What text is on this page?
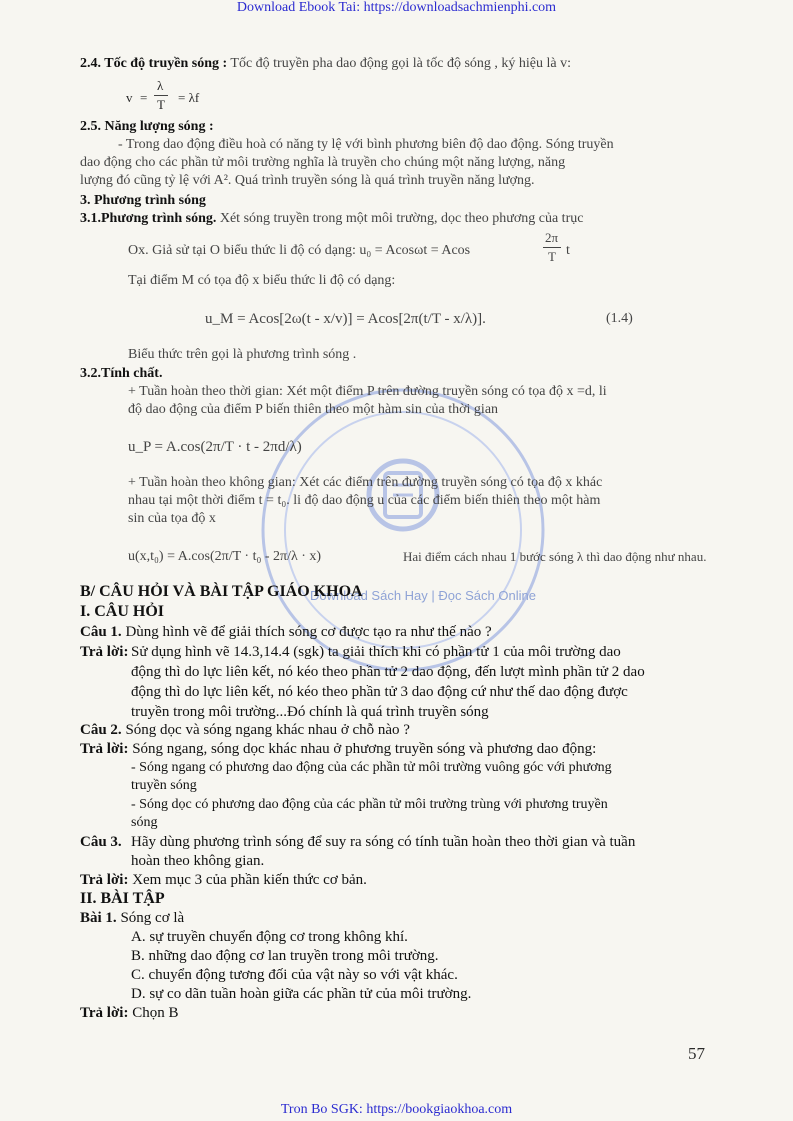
Download Ebook Tai: https://downloadsachmienphi.com
Tron Bo SGK: https://bookgiaokhoa.com
Download Sách Hay | Đọc Sách Online
2.4. Tốc độ truyền sóng : Tốc độ truyền pha dao động gọi là tốc độ sóng , ký hiệu là v:
v =
λ
T = λf
2.5. Năng lượng sóng :
- Trong dao động điều hoà có năng ty lệ với bình phương biên độ dao động. Sóng truyền
dao động cho các phần tử môi trường nghĩa là truyền cho chúng một năng lượng, năng
lượng đó cũng tỷ lệ với A². Quá trình truyền sóng là quá trình truyền năng lượng.
3. Phương trình sóng
3.1.Phương trình sóng. Xét sóng truyền trong một môi trường, dọc theo phương của trục
Ox. Giả sử tại O biểu thức li độ có dạng: u₀ = Acosωt = Acos
2π
T t
Tại điểm M có tọa độ x biểu thức li độ có dạng:
u_M = Acos[2ω(t - x/v)] = Acos[2π(t/T - x/λ)].	(1.4)
Biểu thức trên gọi là phương trình sóng .
3.2.Tính chất.
+ Tuần hoàn theo thời gian: Xét một điểm P trên đường truyền sóng có tọa độ x =d, li
độ dao động của điểm P biến thiên theo một hàm sin của thời gian
u_P = A.cos(2π/T · t - 2πd/λ)
+ Tuần hoàn theo không gian: Xét các điểm trên đường truyền sóng có tọa độ x khác
nhau tại một thời điểm t = t₀. li độ dao động u của các điểm biến thiên theo một hàm
sin của tọa độ x
u(x,t₀) = A.cos(2π/T · t₀ - 2π/λ · x)	Hai điểm cách nhau 1 bước sóng λ thì dao động như nhau.
B/ CÂU HỎI VÀ BÀI TẬP GIÁO KHOA
I. CÂU HỎI
Câu 1. Dùng hình vẽ để giải thích sóng cơ được tạo ra như thế nào ?
Trả lời: Sử dụng hình vẽ 14.3,14.4 (sgk) ta giải thích khi có phần tử 1 của môi trường dao
động thì do lực liên kết, nó kéo theo phần tử 2 dao động, đến lượt mình phần tử 2 dao
động thì do lực liên kết, nó kéo theo phần tử 3 dao động cứ như thế dao động được
truyền trong môi trường...Đó chính là quá trình truyền sóng
Câu 2. Sóng dọc và sóng ngang khác nhau ở chỗ nào ?
Trả lời: Sóng ngang, sóng dọc khác nhau ở phương truyền sóng và phương dao động:
- Sóng ngang có phương dao động của các phần tử môi trường vuông góc với phương
truyền sóng
- Sóng dọc có phương dao động của các phần tử môi trường trùng với phương truyền
sóng
Câu 3. Hãy dùng phương trình sóng để suy ra sóng có tính tuần hoàn theo thời gian và tuần
hoàn theo không gian.
Trả lời: Xem mục 3 của phần kiến thức cơ bản.
II. BÀI TẬP
Bài 1. Sóng cơ là
A. sự truyền chuyển động cơ trong không khí.
B. những dao động cơ lan truyền trong môi trường.
C. chuyển động tương đối của vật này so với vật khác.
D. sự co dãn tuần hoàn giữa các phần tử của môi trường.
Trả lời: Chọn B
57
